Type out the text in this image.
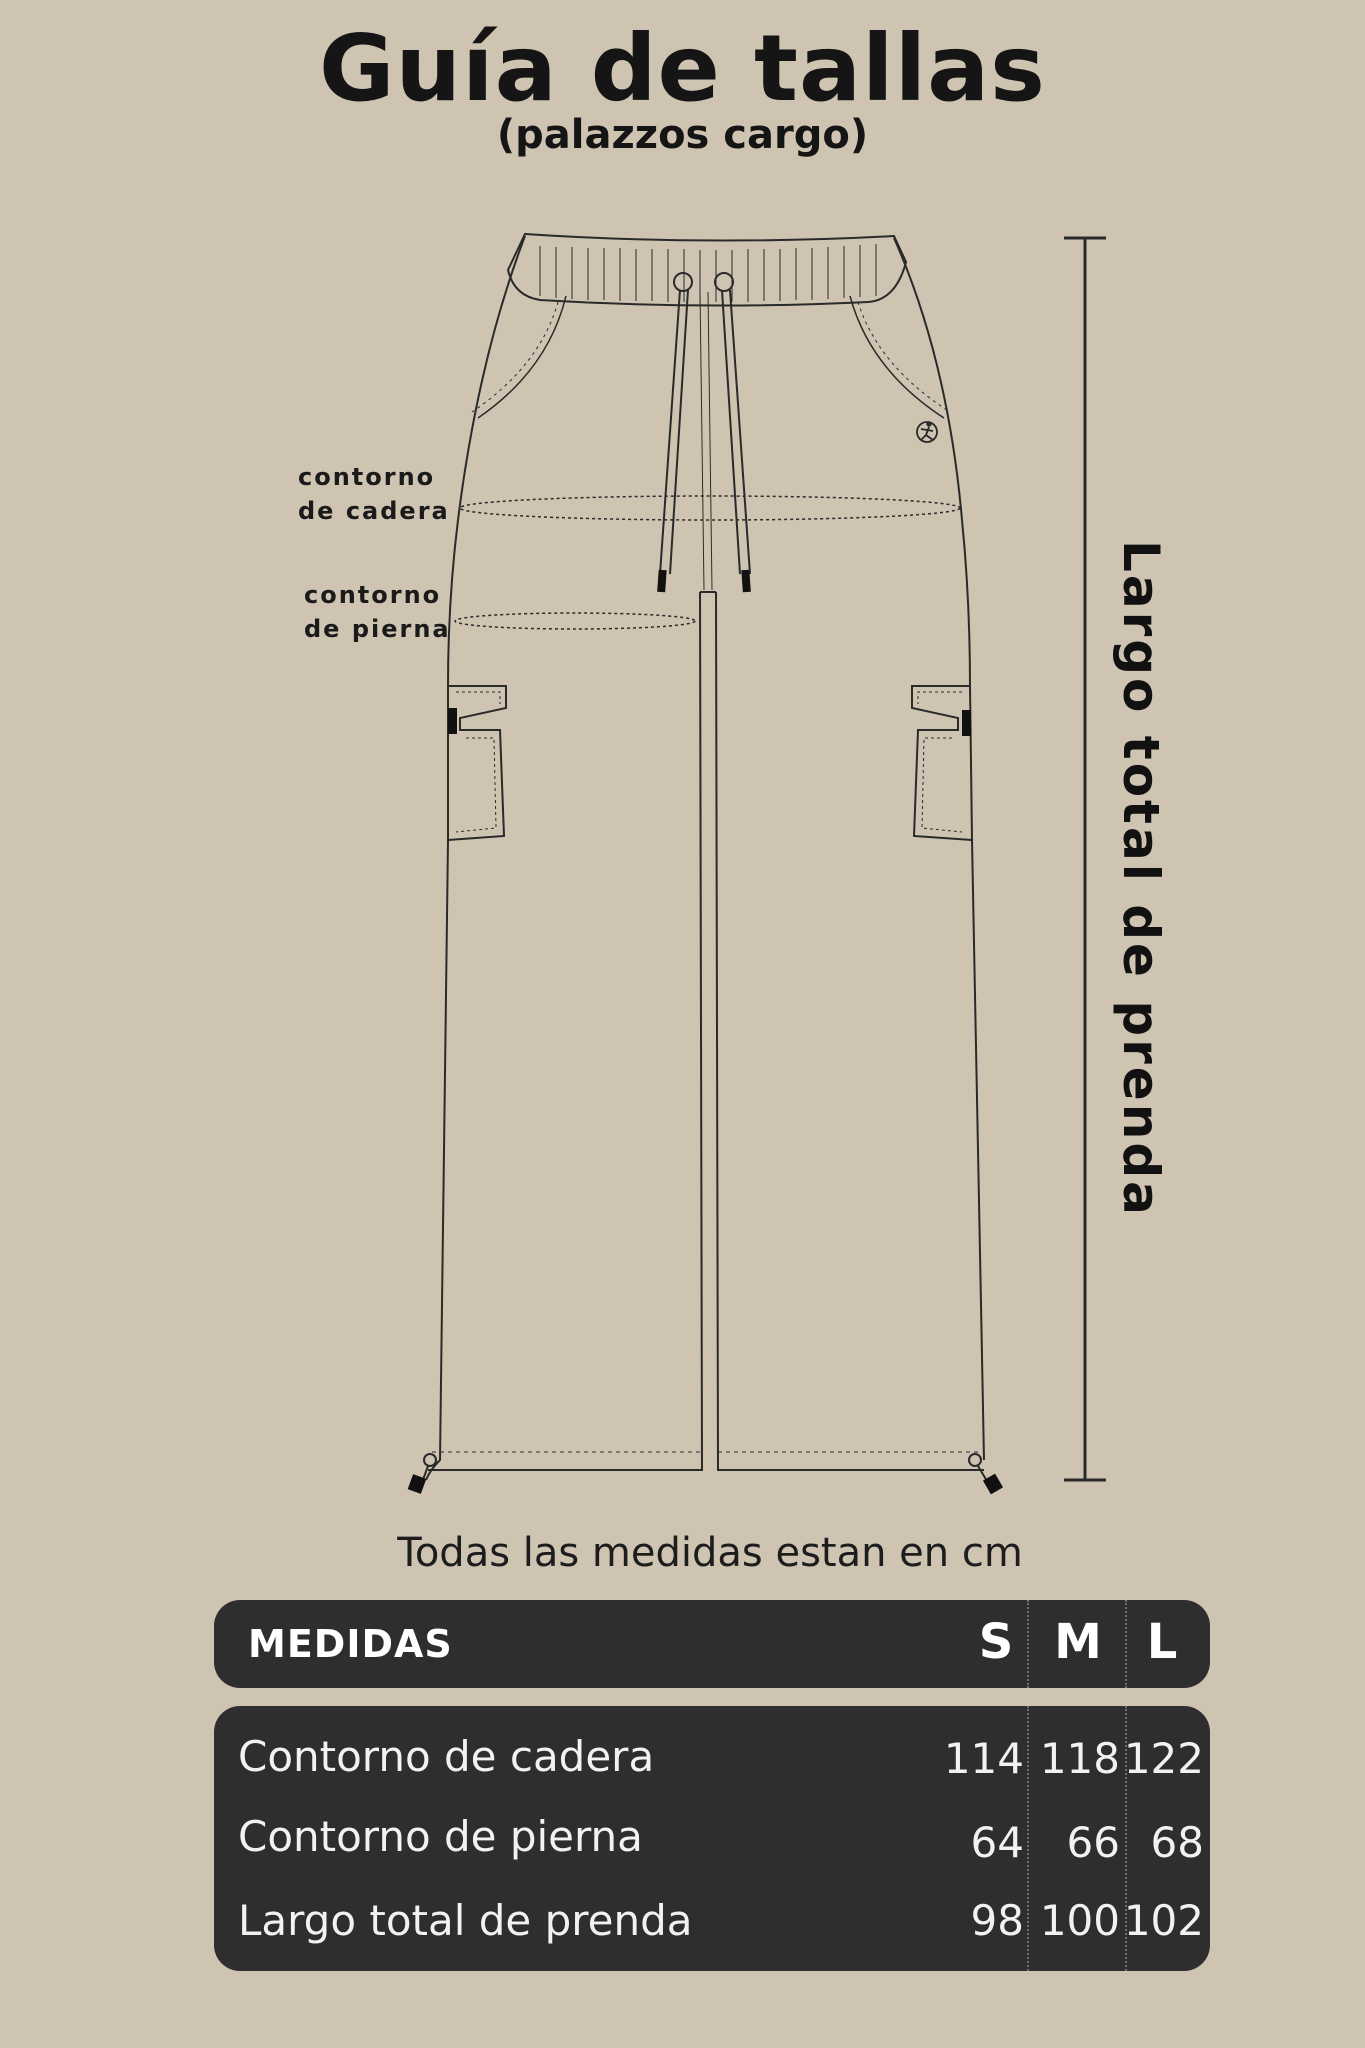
Guía de tallas
(palazzos cargo)
contorno
de cadera
contorno
de pierna	Largo total de prenda
Todas las medidas estan en cm
MEDIDAS	S M L
Contorno de cadera	114 118 122
Contorno de pierna	64	66 68
Largo total de prenda	98 100 102
